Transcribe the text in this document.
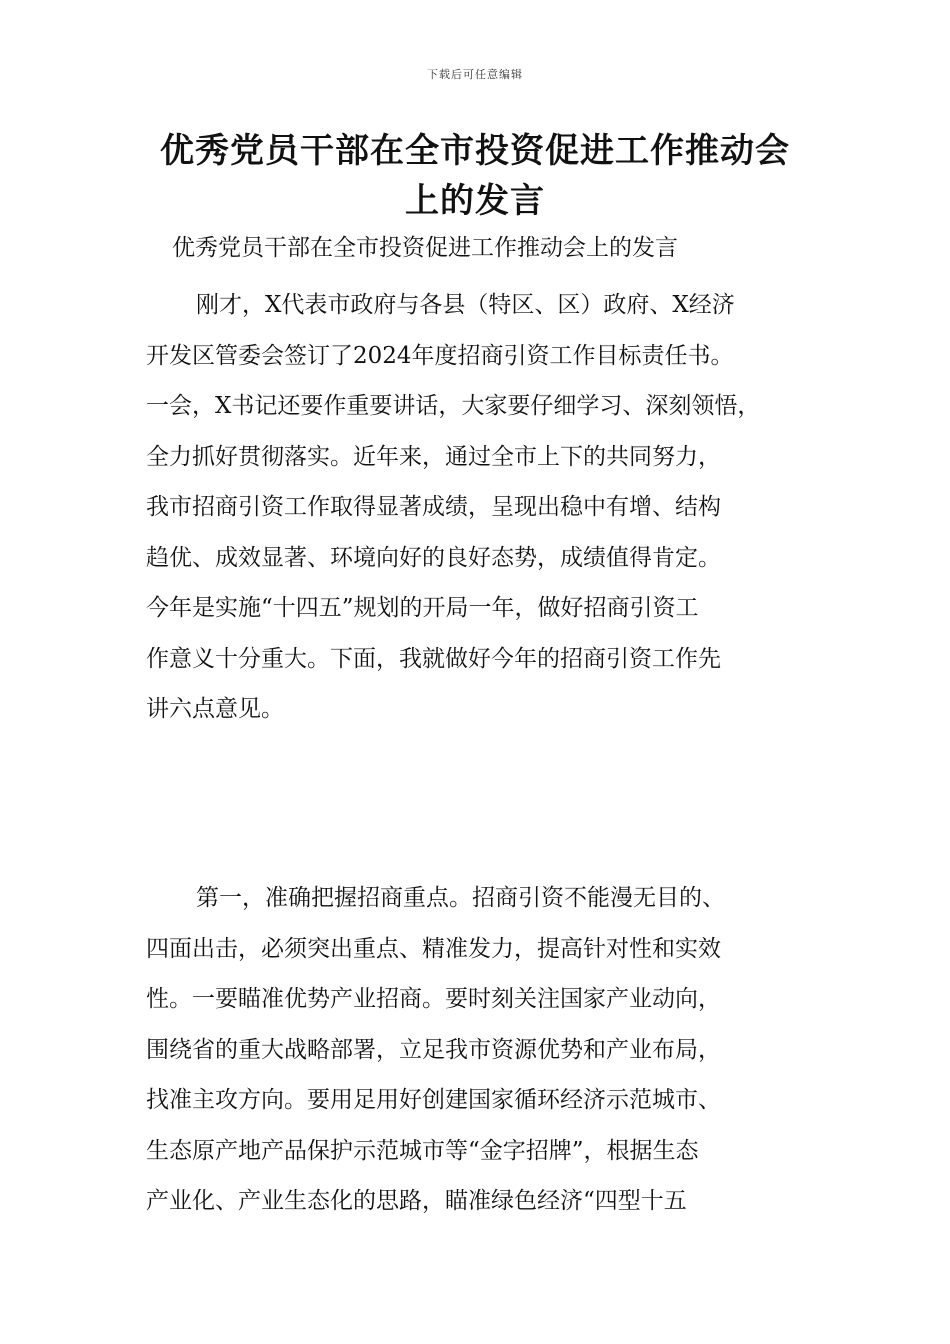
下载后可任意编辑
优秀党员干部在全市投资促进工作推动会
上的发言
优秀党员干部在全市投资促进工作推动会上的发言
刚才，X代表市政府与各县（特区、区）政府、X经济
开发区管委会签订了2024年度招商引资工作目标责任书。
一会，X书记还要作重要讲话，大家要仔细学习、深刻领悟，
全力抓好贯彻落实。近年来，通过全市上下的共同努力，
我市招商引资工作取得显著成绩，呈现出稳中有增、结构
趋优、成效显著、环境向好的良好态势，成绩值得肯定。
今年是实施“十四五”规划的开局一年，做好招商引资工
作意义十分重大。下面，我就做好今年的招商引资工作先
讲六点意见。
第一，准确把握招商重点。招商引资不能漫无目的、
四面出击，必须突出重点、精准发力，提高针对性和实效
性。一要瞄准优势产业招商。要时刻关注国家产业动向，
围绕省的重大战略部署，立足我市资源优势和产业布局，
找准主攻方向。要用足用好创建国家循环经济示范城市、
生态原产地产品保护示范城市等“金字招牌”，根据生态
产业化、产业生态化的思路，瞄准绿色经济“四型十五
